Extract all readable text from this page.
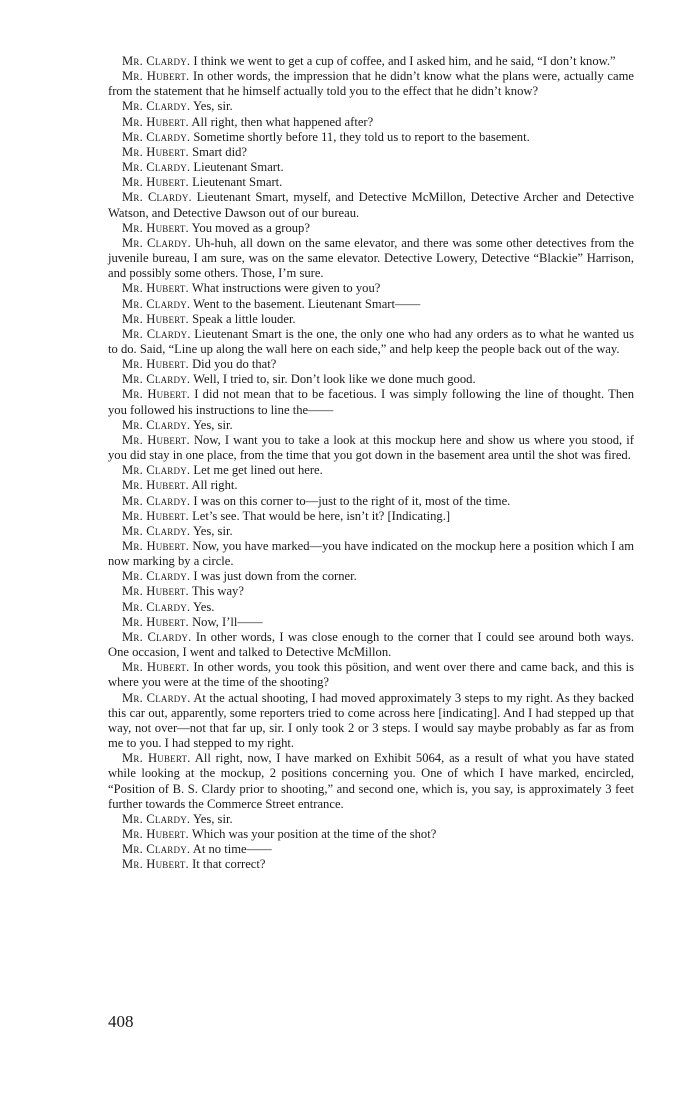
Mr. Clardy. I think we went to get a cup of coffee, and I asked him, and he said, “I don’t know.”

Mr. Hubert. In other words, the impression that he didn’t know what the plans were, actually came from the statement that he himself actually told you to the effect that he didn’t know?

Mr. Clardy. Yes, sir.

Mr. Hubert. All right, then what happened after?

Mr. Clardy. Sometime shortly before 11, they told us to report to the basement.

Mr. Hubert. Smart did?

Mr. Clardy. Lieutenant Smart.

Mr. Hubert. Lieutenant Smart.

Mr. Clardy. Lieutenant Smart, myself, and Detective McMillon, Detective Archer and Detective Watson, and Detective Dawson out of our bureau.

Mr. Hubert. You moved as a group?

Mr. Clardy. Uh-huh, all down on the same elevator, and there was some other detectives from the juvenile bureau, I am sure, was on the same elevator. Detective Lowery, Detective “Blackie” Harrison, and possibly some others. Those, I’m sure.

Mr. Hubert. What instructions were given to you?

Mr. Clardy. Went to the basement. Lieutenant Smart——

Mr. Hubert. Speak a little louder.

Mr. Clardy. Lieutenant Smart is the one, the only one who had any orders as to what he wanted us to do. Said, “Line up along the wall here on each side,” and help keep the people back out of the way.

Mr. Hubert. Did you do that?

Mr. Clardy. Well, I tried to, sir. Don’t look like we done much good.

Mr. Hubert. I did not mean that to be facetious. I was simply following the line of thought. Then you followed his instructions to line the——

Mr. Clardy. Yes, sir.

Mr. Hubert. Now, I want you to take a look at this mockup here and show us where you stood, if you did stay in one place, from the time that you got down in the basement area until the shot was fired.

Mr. Clardy. Let me get lined out here.

Mr. Hubert. All right.

Mr. Clardy. I was on this corner to—just to the right of it, most of the time.

Mr. Hubert. Let’s see. That would be here, isn’t it? [Indicating.]

Mr. Clardy. Yes, sir.

Mr. Hubert. Now, you have marked—you have indicated on the mockup here a position which I am now marking by a circle.

Mr. Clardy. I was just down from the corner.

Mr. Hubert. This way?

Mr. Clardy. Yes.

Mr. Hubert. Now, I’ll——

Mr. Clardy. In other words, I was close enough to the corner that I could see around both ways. One occasion, I went and talked to Detective McMillon.

Mr. Hubert. In other words, you took this pösition, and went over there and came back, and this is where you were at the time of the shooting?

Mr. Clardy. At the actual shooting, I had moved approximately 3 steps to my right. As they backed this car out, apparently, some reporters tried to come across here [indicating]. And I had stepped up that way, not over—not that far up, sir. I only took 2 or 3 steps. I would say maybe probably as far as from me to you. I had stepped to my right.

Mr. Hubert. All right, now, I have marked on Exhibit 5064, as a result of what you have stated while looking at the mockup, 2 positions concerning you. One of which I have marked, encircled, “Position of B. S. Clardy prior to shooting,” and second one, which is, you say, is approximately 3 feet further towards the Commerce Street entrance.

Mr. Clardy. Yes, sir.

Mr. Hubert. Which was your position at the time of the shot?

Mr. Clardy. At no time——

Mr. Hubert. It that correct?

408
